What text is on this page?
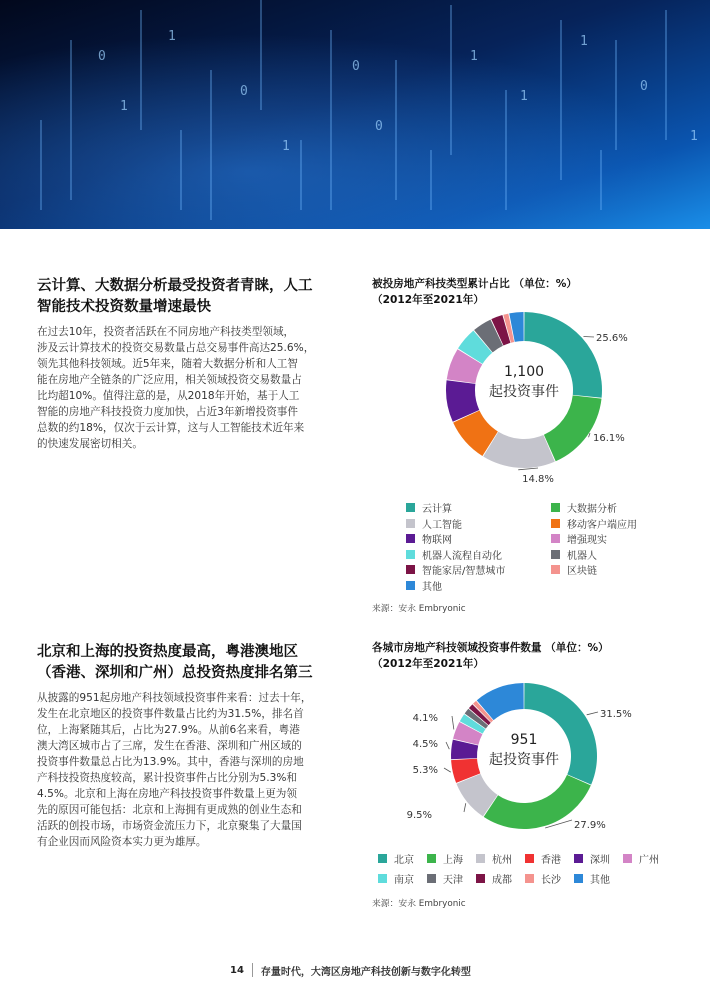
0
1
1
0
1
0
0
1
1
1
0
1
云计算、大数据分析最受投资者青睐，人工
智能技术投资数量增速最快
在过去10年，投资者活跃在不同房地产科技类型领域，
涉及云计算技术的投资交易数量占总交易事件高达25.6%，
领先其他科技领域。近5年来，随着大数据分析和人工智
能在房地产全链条的广泛应用，相关领域投资交易数量占
比均超10%。值得注意的是，从2018年开始，基于人工
智能的房地产科技投资力度加快，占近3年新增投资事件
总数的约18%，仅次于云计算，这与人工智能技术近年来
的快速发展密切相关。
被投房地产科技类型累计占比 （单位：%）
（2012年至2021年）
25.6%
16.1%
14.8%
1,100
起投资事件
云计算	大数据分析
人工智能	移动客户端应用
物联网	增强现实
机器人流程自动化	机器人
智能家居/智慧城市	区块链
其他
来源：安永 Embryonic
北京和上海的投资热度最高，粤港澳地区
（香港、深圳和广州）总投资热度排名第三
从披露的951起房地产科技领域投资事件来看：过去十年，
发生在北京地区的投资事件数量占比约为31.5%，排名首
位，上海紧随其后，占比为27.9%。从前6名来看，粤港
澳大湾区城市占了三席，发生在香港、深圳和广州区域的
投资事件数量总占比为13.9%。其中，香港与深圳的房地
产科技投资热度较高，累计投资事件占比分别为5.3%和
4.5%。北京和上海在房地产科技投资事件数量上更为领
先的原因可能包括：北京和上海拥有更成熟的创业生态和
活跃的创投市场，市场资金流压力下，北京聚集了大量国
有企业因而风险资本实力更为雄厚。
各城市房地产科技领域投资事件数量 （单位：%）
（2012年至2021年）
31.5%
27.9%
9.5%
5.3%
4.5%
4.1%
951
起投资事件
北京	上海	杭州	香港	深圳	广州
南京	天津	成都	长沙	其他
来源：安永 Embryonic
14 存量时代，大湾区房地产科技创新与数字化转型
